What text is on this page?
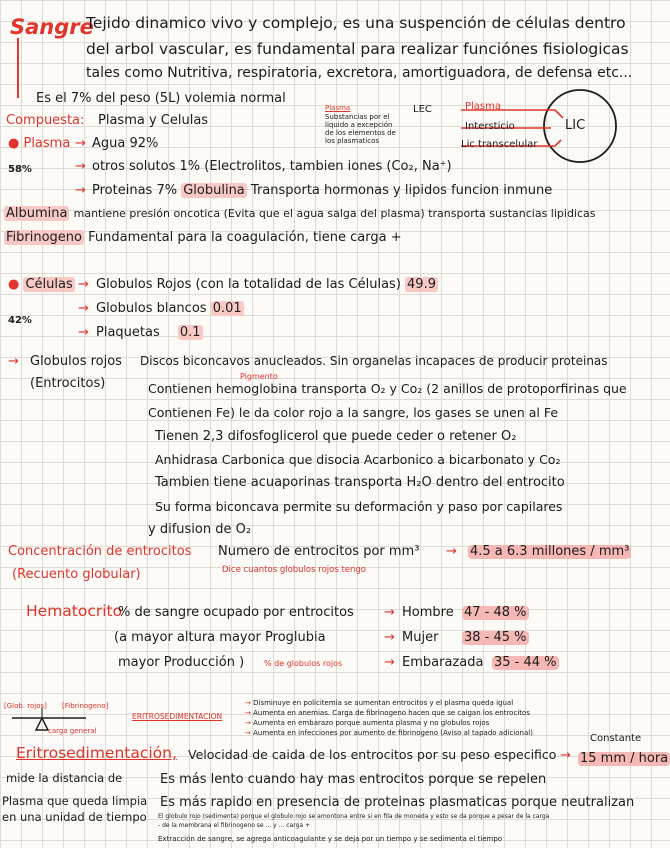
Sangre
Tejido dinamico vivo y complejo, es una suspención de células dentro
del arbol vascular, es fundamental para realizar funciónes fisiologicas
tales como Nutritiva, respiratoria, excretora, amortiguadora, de defensa etc...
Es el 7% del peso (5L) volemia normal
Plasma
Substancias por el
liquido a excepción
de los elementos de
los plasmaticos
LEC	Plasma
Intersticio
Lic transcelular
LIC
Compuesta: Plasma y Celulas
● Plasma → Agua 92%
58%	→ otros solutos 1% (Electrolitos, tambien iones (Co₂, Na⁺)
→ Proteinas 7% Globulina Transporta hormonas y lipidos funcion inmune
Albumina mantiene presión oncotica (Evita que el agua salga del plasma) transporta sustancias lipidicas
Fibrinogeno Fundamental para la coagulación, tiene carga +
● Células
42%
→ Globulos Rojos (con la totalidad de las Células) 49.9
→ Globulos blancos 0.01
→ Plaquetas 0.1
→ Globulos rojos
(Entrocitos)	Pigmento
Discos biconcavos anucleados. Sin organelas incapaces de producir proteinas
Contienen hemoglobina transporta O₂ y Co₂ (2 anillos de protoporfirinas que
Contienen Fe) le da color rojo a la sangre, los gases se unen al Fe
Tienen 2,3 difosfoglicerol que puede ceder o retener O₂
Anhidrasa Carbonica que disocia Acarbonico a bicarbonato y Co₂
Tambien tiene acuaporinas transporta H₂O dentro del entrocito
Su forma biconcava permite su deformación y paso por capilares
y difusion de O₂
Concentración de entrocitos
(Recuento globular)
Numero de entrocitos por mm³ → 4.5 a 6.3 millones / mm³
Dice cuantos globulos rojos tengo
Hematocrito
% de sangre ocupado por entrocitos
(a mayor altura mayor Proglubia
mayor Producción ) % de globulos rojos
→ Hombre 47 - 48 %
→ Mujer 38 - 45 %
→ Embarazada 35 - 44 %
[Glob. rojos] [Fibrinogeno]
carga general
ERITROSEDIMENTACION
→ Disminuye en policitemia se aumentan entrocitos y el plasma queda igual
→ Aumenta en anemias. Carga de fibrinogeno hacen que se caigan los entrocitos
→ Aumenta en embarazo porque aumenta plasma y no globulos rojos
→ Aumenta en infecciones por aumento de fibrinogeno (Aviso al tapado adicional)
Eritrosedimentación, Velocidad de caida de los entrocitos por su peso especifico →
Constante
15 mm / hora
mide la distancia de
Plasma que queda limpia
en una unidad de tiempo
Es más lento cuando hay mas entrocitos porque se repelen
Es más rapido en presencia de proteinas plasmaticas porque neutralizan
El globulo rojo (sedimenta) porque el globulo rojo se amontona entre si en fila de moneda y esto se da porque a pesar de la carga
- de la membrana el fibrinogeno se ... y ... carga +
Extracción de sangre, se agrega anticoagulante y se deja por un tiempo y se sedimenta el tiempo
